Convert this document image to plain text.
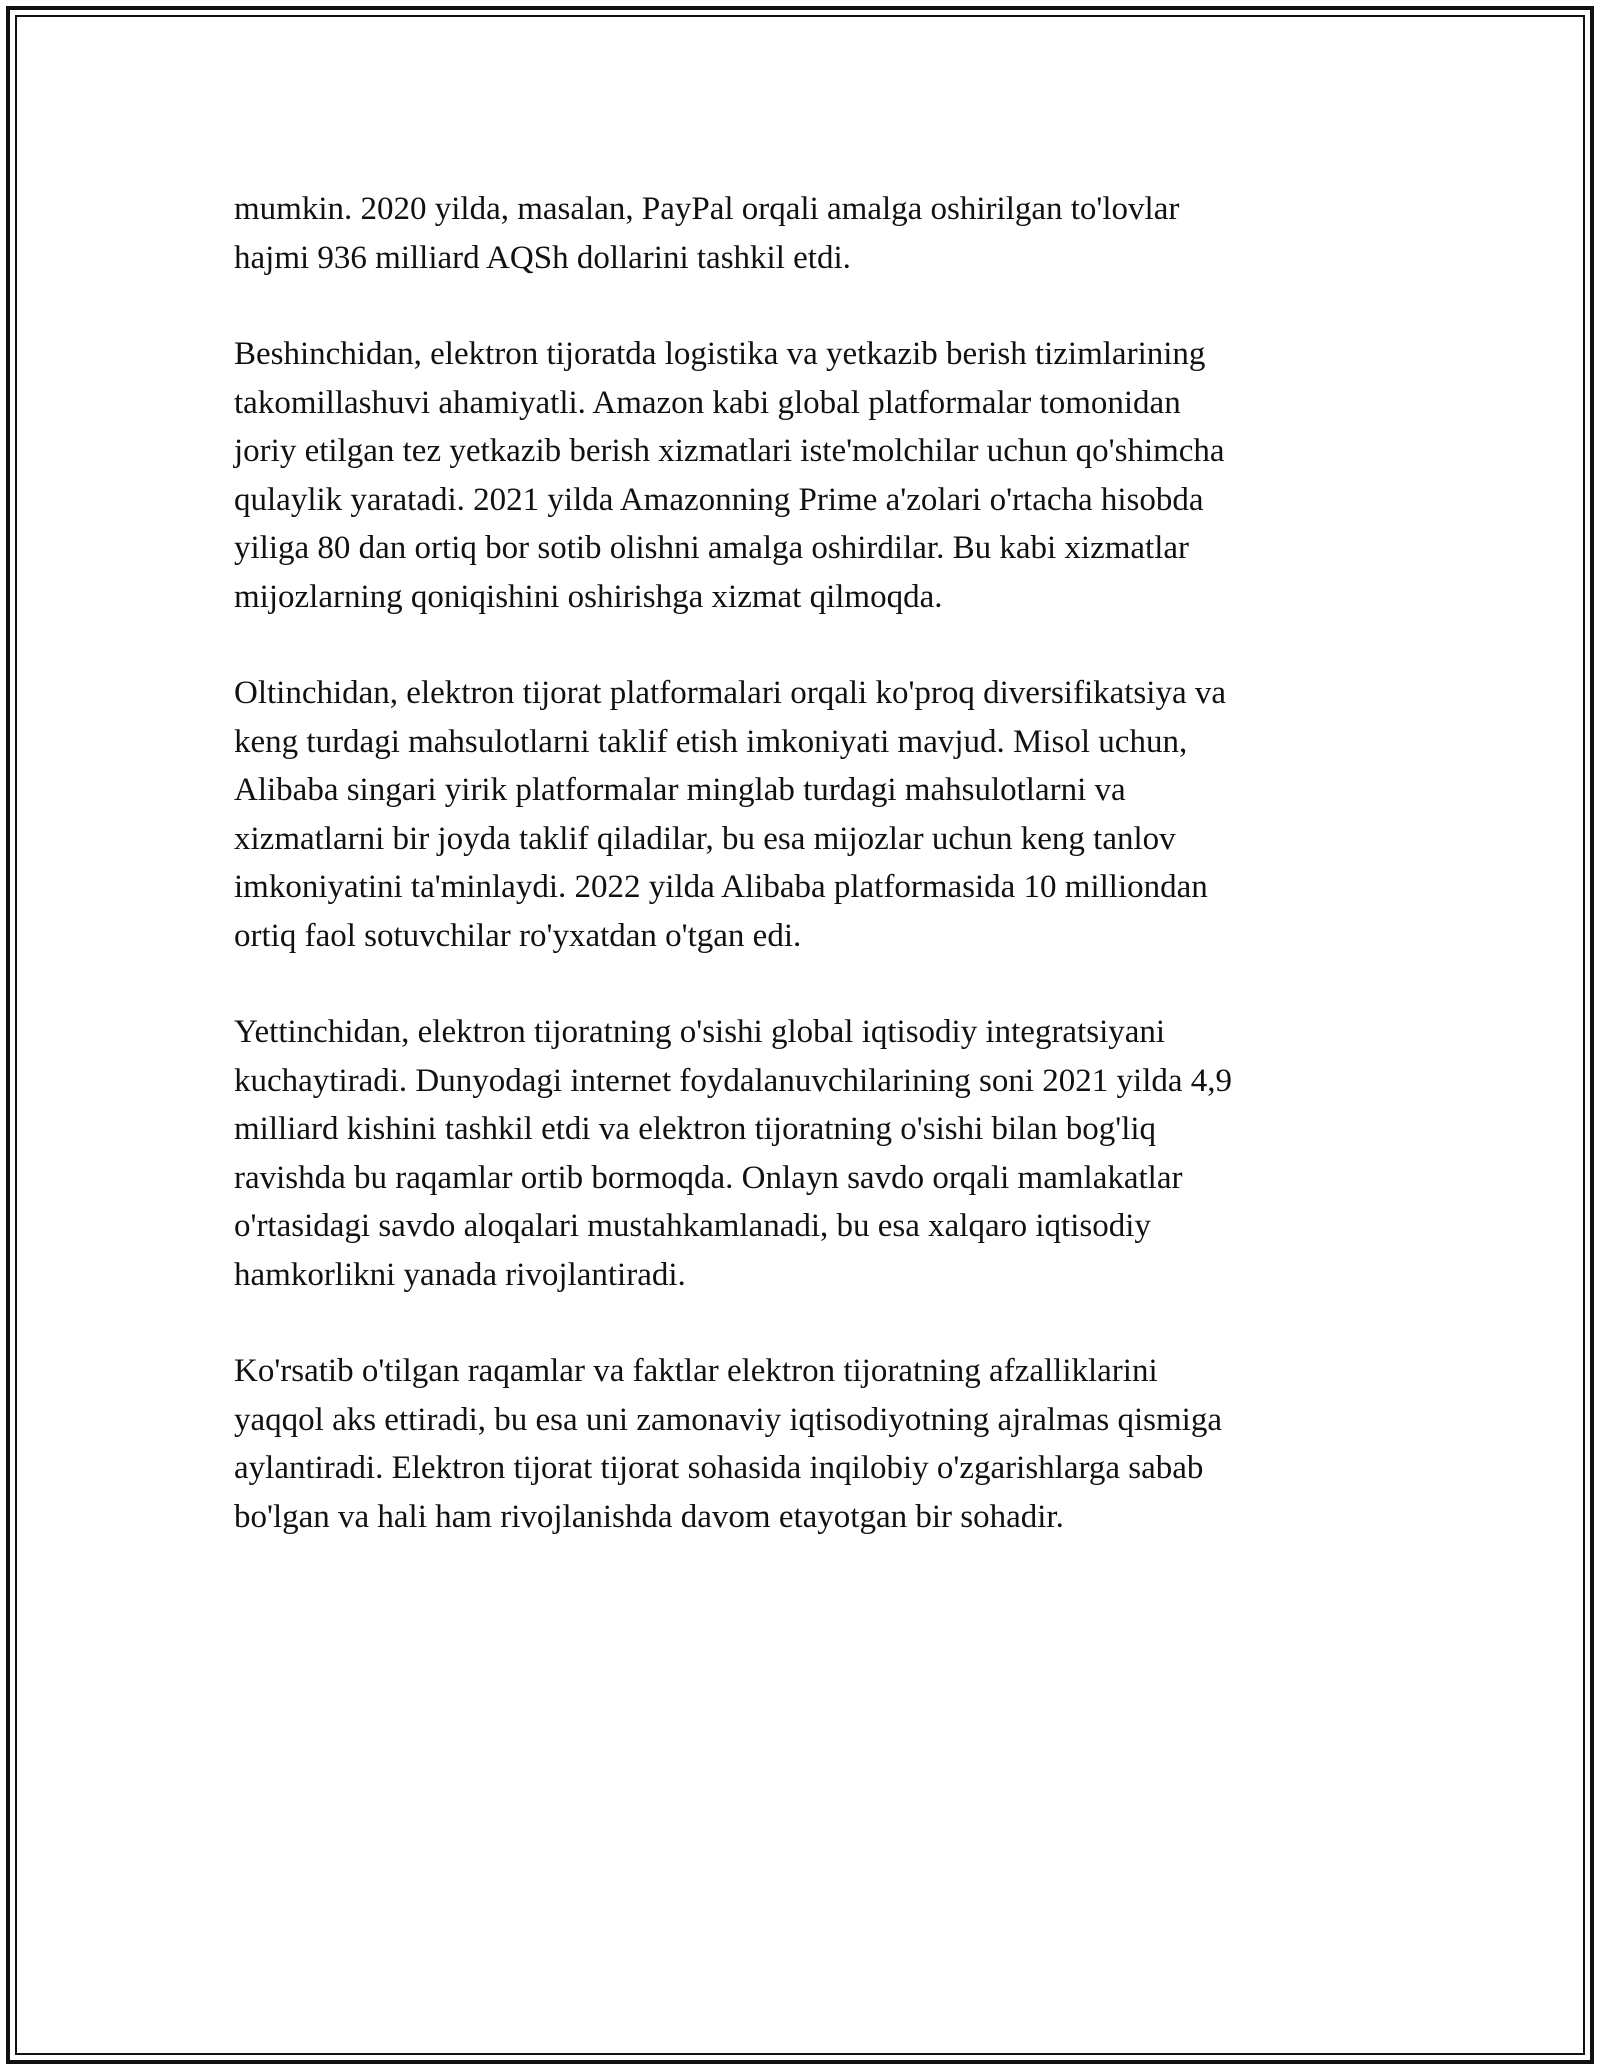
mumkin. 2020 yilda, masalan, PayPal orqali amalga oshirilgan to'lovlar
hajmi 936 milliard AQSh dollarini tashkil etdi.

Beshinchidan, elektron tijoratda logistika va yetkazib berish tizimlarining
takomillashuvi ahamiyatli. Amazon kabi global platformalar tomonidan
joriy etilgan tez yetkazib berish xizmatlari iste'molchilar uchun qo'shimcha
qulaylik yaratadi. 2021 yilda Amazonning Prime a'zolari o'rtacha hisobda
yiliga 80 dan ortiq bor sotib olishni amalga oshirdilar. Bu kabi xizmatlar
mijozlarning qoniqishini oshirishga xizmat qilmoqda.

Oltinchidan, elektron tijorat platformalari orqali ko'proq diversifikatsiya va
keng turdagi mahsulotlarni taklif etish imkoniyati mavjud. Misol uchun,
Alibaba singari yirik platformalar minglab turdagi mahsulotlarni va
xizmatlarni bir joyda taklif qiladilar, bu esa mijozlar uchun keng tanlov
imkoniyatini ta'minlaydi. 2022 yilda Alibaba platformasida 10 milliondan
ortiq faol sotuvchilar ro'yxatdan o'tgan edi.

Yettinchidan, elektron tijoratning o'sishi global iqtisodiy integratsiyani
kuchaytiradi. Dunyodagi internet foydalanuvchilarining soni 2021 yilda 4,9
milliard kishini tashkil etdi va elektron tijoratning o'sishi bilan bog'liq
ravishda bu raqamlar ortib bormoqda. Onlayn savdo orqali mamlakatlar
o'rtasidagi savdo aloqalari mustahkamlanadi, bu esa xalqaro iqtisodiy
hamkorlikni yanada rivojlantiradi.

Ko'rsatib o'tilgan raqamlar va faktlar elektron tijoratning afzalliklarini
yaqqol aks ettiradi, bu esa uni zamonaviy iqtisodiyotning ajralmas qismiga
aylantiradi. Elektron tijorat tijorat sohasida inqilobiy o'zgarishlarga sabab
bo'lgan va hali ham rivojlanishda davom etayotgan bir sohadir.
